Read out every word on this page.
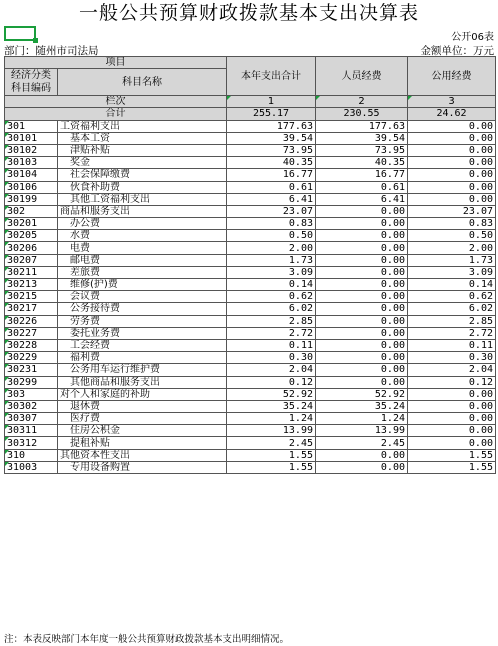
一般公共预算财政拨款基本支出决算表
公开06表
部门：随州市司法局	金额单位：万元
项目		本年支出合计	人员经费	公用经费
经济分类科目编码	科目名称			

栏次		1	2	3
合计		255.17	230.55	24.62
301	工资福利支出	177.63	177.63	0.00
30101	　基本工资	39.54	39.54	0.00
30102	　津贴补贴	73.95	73.95	0.00
30103	　奖金	40.35	40.35	0.00
30104	　社会保障缴费	16.77	16.77	0.00
30106	　伙食补助费	0.61	0.61	0.00
30199	　其他工资福利支出	6.41	6.41	0.00
302	商品和服务支出	23.07	0.00	23.07
30201	　办公费	0.83	0.00	0.83
30205	　水费	0.50	0.00	0.50
30206	　电费	2.00	0.00	2.00
30207	　邮电费	1.73	0.00	1.73
30211	　差旅费	3.09	0.00	3.09
30213	　维修(护)费	0.14	0.00	0.14
30215	　会议费	0.62	0.00	0.62
30217	　公务接待费	6.02	0.00	6.02
30226	　劳务费	2.85	0.00	2.85
30227	　委托业务费	2.72	0.00	2.72
30228	　工会经费	0.11	0.00	0.11
30229	　福利费	0.30	0.00	0.30
30231	　公务用车运行维护费	2.04	0.00	2.04
30299	　其他商品和服务支出	0.12	0.00	0.12
303	对个人和家庭的补助	52.92	52.92	0.00
30302	　退休费	35.24	35.24	0.00
30307	　医疗费	1.24	1.24	0.00
30311	　住房公积金	13.99	13.99	0.00
30312	　提租补贴	2.45	2.45	0.00
310	其他资本性支出	1.55	0.00	1.55
31003	　专用设备购置	1.55	0.00	1.55
注：本表反映部门本年度一般公共预算财政拨款基本支出明细情况。
